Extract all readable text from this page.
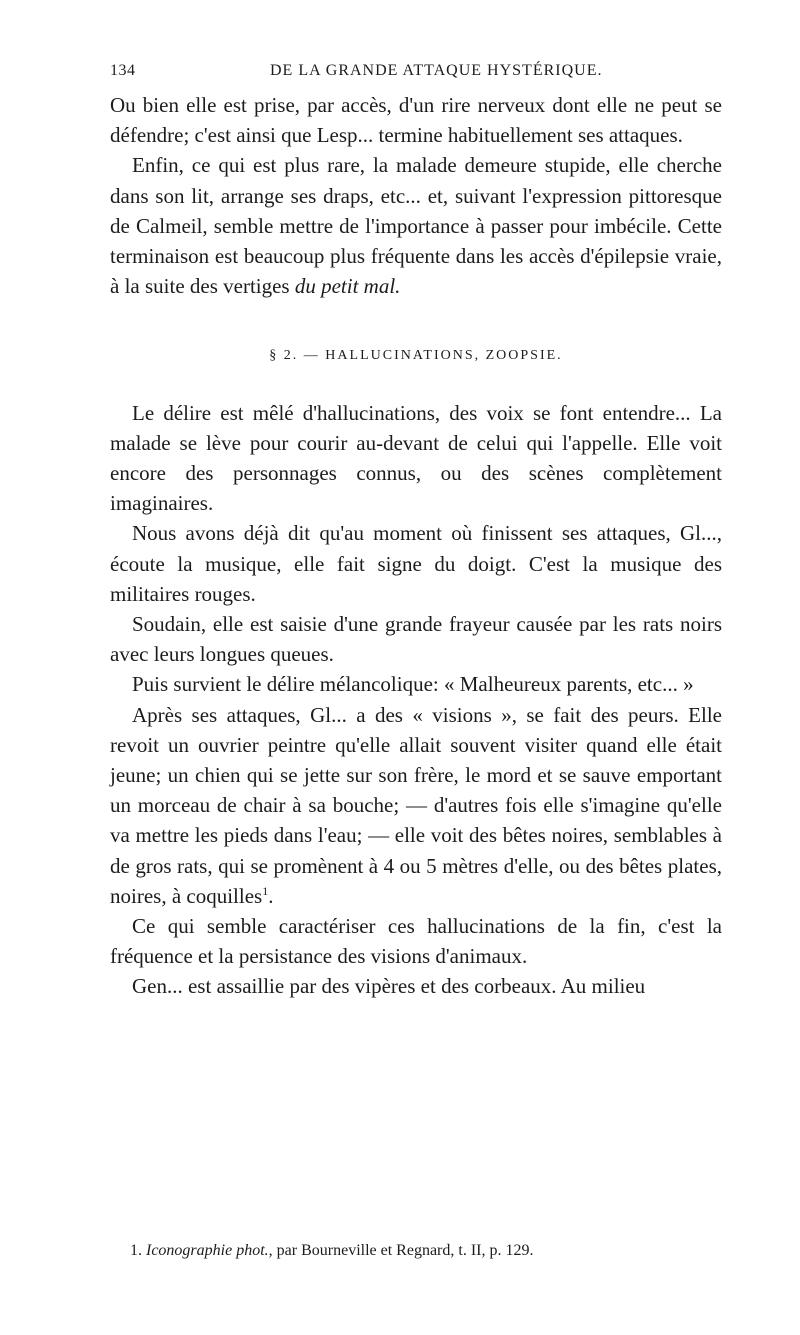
134	DE LA GRANDE ATTAQUE HYSTÉRIQUE.

Ou bien elle est prise, par accès, d'un rire nerveux dont elle ne peut se défendre; c'est ainsi que Lesp... termine habituellement ses attaques.

Enfin, ce qui est plus rare, la malade demeure stupide, elle cherche dans son lit, arrange ses draps, etc... et, suivant l'expression pittoresque de Calmeil, semble mettre de l'importance à passer pour imbécile. Cette terminaison est beaucoup plus fréquente dans les accès d'épilepsie vraie, à la suite des vertiges du petit mal.

§ 2. — HALLUCINATIONS, ZOOPSIE.

Le délire est mêlé d'hallucinations, des voix se font entendre... La malade se lève pour courir au-devant de celui qui l'appelle. Elle voit encore des personnages connus, ou des scènes complètement imaginaires.

Nous avons déjà dit qu'au moment où finissent ses attaques, Gl..., écoute la musique, elle fait signe du doigt. C'est la musique des militaires rouges.

Soudain, elle est saisie d'une grande frayeur causée par les rats noirs avec leurs longues queues.

Puis survient le délire mélancolique: « Malheureux parents, etc... »

Après ses attaques, Gl... a des « visions », se fait des peurs. Elle revoit un ouvrier peintre qu'elle allait souvent visiter quand elle était jeune; un chien qui se jette sur son frère, le mord et se sauve emportant un morceau de chair à sa bouche; — d'autres fois elle s'imagine qu'elle va mettre les pieds dans l'eau; — elle voit des bêtes noires, semblables à de gros rats, qui se promènent à 4 ou 5 mètres d'elle, ou des bêtes plates, noires, à coquilles$^1$.

Ce qui semble caractériser ces hallucinations de la fin, c'est la fréquence et la persistance des visions d'animaux.

Gen... est assaillie par des vipères et des corbeaux. Au milieu

1. Iconographie phot., par Bourneville et Regnard, t. II, p. 129.
